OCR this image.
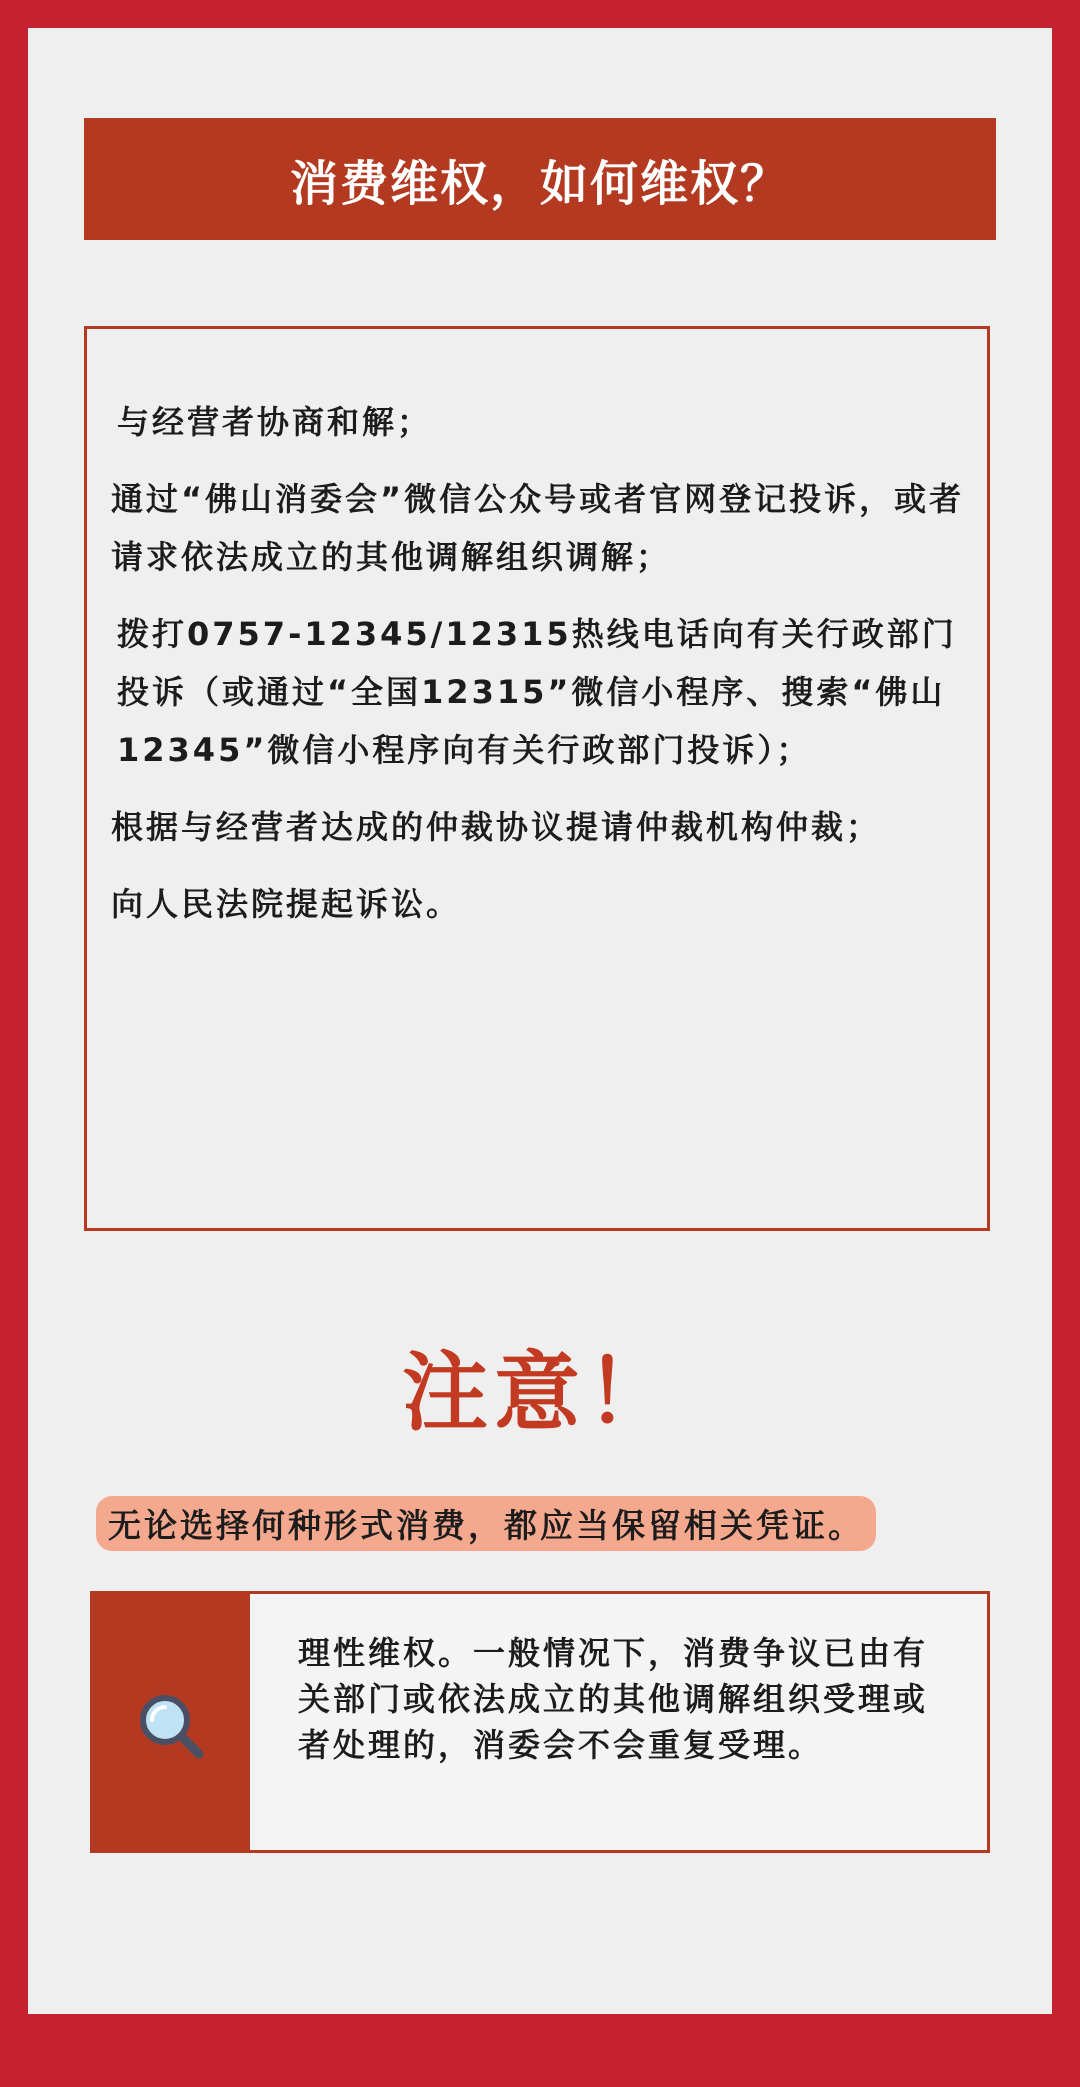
消费维权，如何维权？
与经营者协商和解；
通过“佛山消委会”微信公众号或者官网登记投诉，或者请求依法成立的其他调解组织调解；
拨打0757-12345/12315热线电话向有关行政部门投诉（或通过“全国12315”微信小程序、搜索“佛山12345”微信小程序向有关行政部门投诉）；
根据与经营者达成的仲裁协议提请仲裁机构仲裁；
向人民法院提起诉讼。
注意！
无论选择何种形式消费，都应当保留相关凭证。
理性维权。一般情况下，消费争议已由有关部门或依法成立的其他调解组织受理或者处理的，消委会不会重复受理。
